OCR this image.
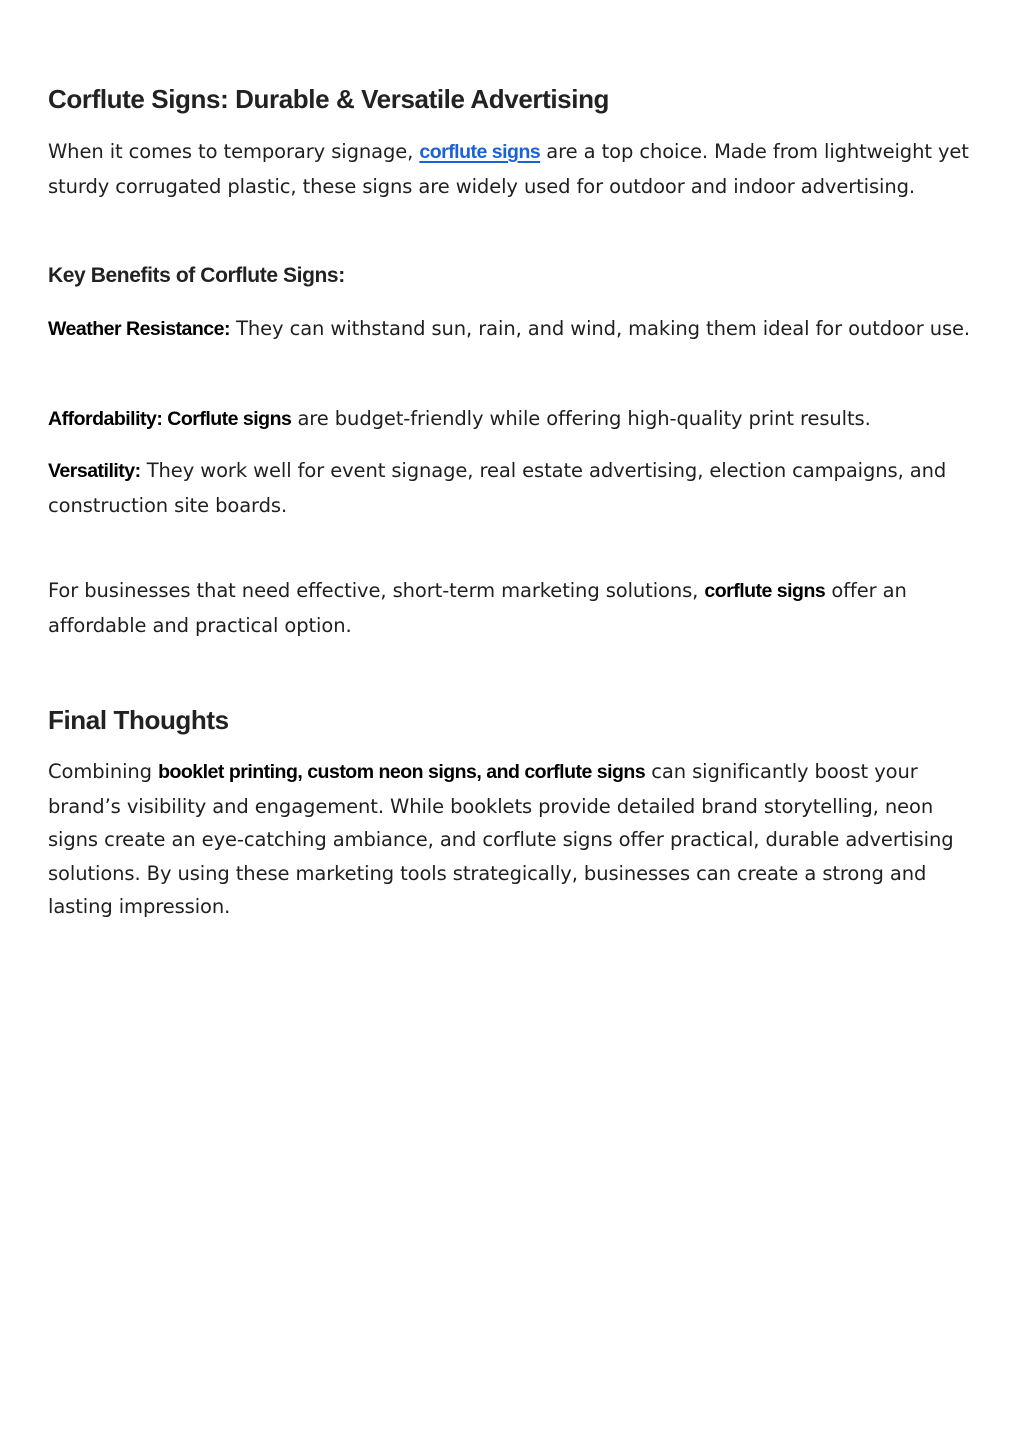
Corflute Signs: Durable & Versatile Advertising

When it comes to temporary signage, corflute signs are a top choice. Made from lightweight yet sturdy corrugated plastic, these signs are widely used for outdoor and indoor advertising.

Key Benefits of Corflute Signs:

Weather Resistance: They can withstand sun, rain, and wind, making them ideal for outdoor use.

Affordability: Corflute signs are budget-friendly while offering high-quality print results.

Versatility: They work well for event signage, real estate advertising, election campaigns, and construction site boards.

For businesses that need effective, short-term marketing solutions, corflute signs offer an affordable and practical option.

Final Thoughts

Combining booklet printing, custom neon signs, and corflute signs can significantly boost your brand’s visibility and engagement. While booklets provide detailed brand storytelling, neon signs create an eye-catching ambiance, and corflute signs offer practical, durable advertising solutions. By using these marketing tools strategically, businesses can create a strong and lasting impression.
